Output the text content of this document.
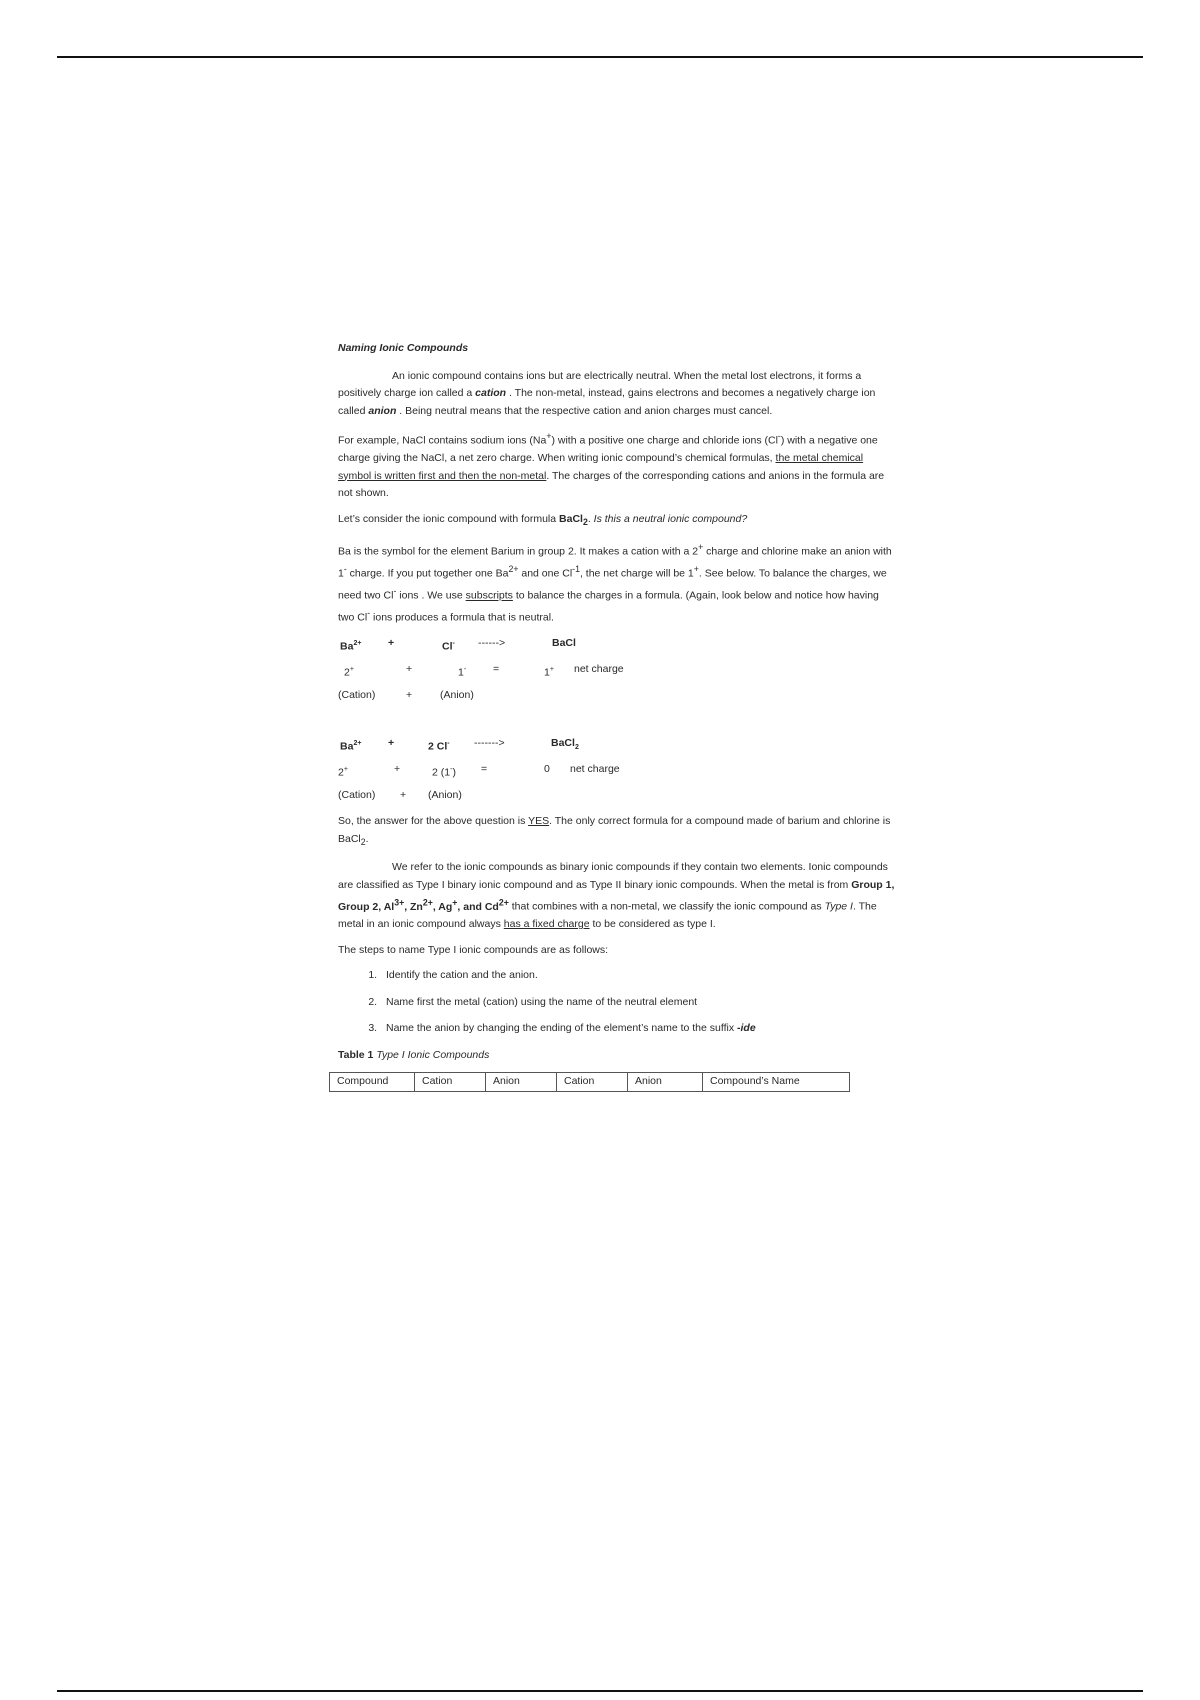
Naming Ionic Compounds

An ionic compound contains ions but are electrically neutral. When the metal lost electrons, it forms a positively charge ion called a cation . The non-metal, instead, gains electrons and becomes a negatively charge ion called anion . Being neutral means that the respective cation and anion charges must cancel.

For example, NaCl contains sodium ions (Na+) with a positive one charge and chloride ions (Cl-) with a negative one charge giving the NaCl, a net zero charge. When writing ionic compound’s chemical formulas, the metal chemical symbol is written first and then the non-metal. The charges of the corresponding cations and anions in the formula are not shown.

Let’s consider the ionic compound with formula BaCl$_2$. Is this a neutral ionic compound?

Ba is the symbol for the element Barium in group 2. It makes a cation with a 2+ charge and chlorine make an anion with 1- charge. If you put together one $Ba^{2+}$ and one $Cl^{-1}$, the net charge will be 1+. See below. To balance the charges, we need two Cl- ions . We use subscripts to balance the charges in a formula. (Again, look below and notice how having two Cl- ions produces a formula that is neutral.

$Ba^{2+}$	+	Cl- ------>	BaCl
2+	+	1-	=	1+ net charge
(Cation)	+	(Anion)
$Ba^{2+}$	+	2 Cl- ------->	BaCl$_2$
2+	+	2 (1-) =	0 net charge
(Cation) + (Anion)

So, the answer for the above question is YES. The only correct formula for a compound made of barium and chlorine is BaCl$_2$.

We refer to the ionic compounds as binary ionic compounds if they contain two elements. Ionic compounds are classified as Type I binary ionic compound and as Type II binary ionic compounds. When the metal is from Group 1, Group 2, $Al^{3+}$, $Zn^{2+}$, Ag+, and $Cd^{2+}$ that combines with a non-metal, we classify the ionic compound as Type I. The metal in an ionic compound always has a fixed charge to be considered as type I.

The steps to name Type I ionic compounds are as follows:

1. Identify the cation and the anion.
2. Name first the metal (cation) using the name of the neutral element
3. Name the anion by changing the ending of the element’s name to the suffix -ide

Table 1 Type I Ionic Compounds

Compound	Cation	Anion	Cation	Anion	Compound’s Name
